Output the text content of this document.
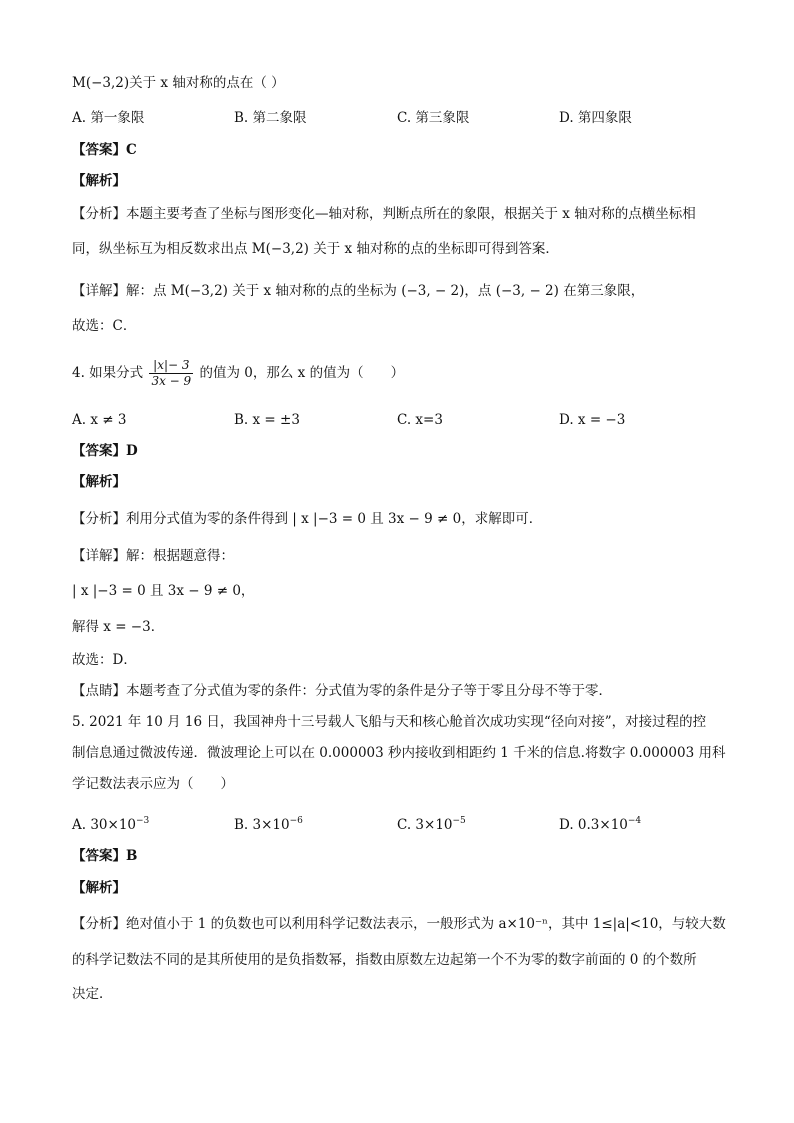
M(−3,2)关于 x 轴对称的点在（ ）
A. 第一象限	B. 第二象限	C. 第三象限	D. 第四象限
【答案】C
【解析】
【分析】本题主要考查了坐标与图形变化—轴对称，判断点所在的象限，根据关于 x 轴对称的点横坐标相
同，纵坐标互为相反数求出点 M(−3,2) 关于 x 轴对称的点的坐标即可得到答案．
【详解】解：点 M(−3,2) 关于 x 轴对称的点的坐标为 (−3, − 2)，点 (−3, − 2) 在第三象限，
故选：C．
4. 如果分式 $\frac{|x|- 3}{3x - 9}$ 的值为 0，那么 x 的值为（　　）
A. x ≠ 3	B. x = ±3	C. x=3	D. x = −3
【答案】D
【解析】
【分析】利用分式值为零的条件得到 | x |−3 = 0 且 3x − 9 ≠ 0，求解即可．
【详解】解：根据题意得：
| x |−3 = 0 且 3x − 9 ≠ 0，
解得 x = −3．
故选：D．
【点睛】本题考查了分式值为零的条件：分式值为零的条件是分子等于零且分母不等于零．
5. 2021 年 10 月 16 日，我国神舟十三号载人飞船与天和核心舱首次成功实现“径向对接”，对接过程的控
制信息通过微波传递．微波理论上可以在 0.000003 秒内接收到相距约 1 千米的信息.将数字 0.000003 用科
学记数法表示应为（　　）
A. $30\times 10^{-3}$	B. $3\times 10^{-6}$	C. $3\times 10^{-5}$	D. $0.3\times 10^{-4}$
【答案】B
【解析】
【分析】绝对值小于 1 的负数也可以利用科学记数法表示，一般形式为 a×10⁻ⁿ，其中 1≤|a|<10，与较大数
的科学记数法不同的是其所使用的是负指数幂，指数由原数左边起第一个不为零的数字前面的 0 的个数所
决定．
